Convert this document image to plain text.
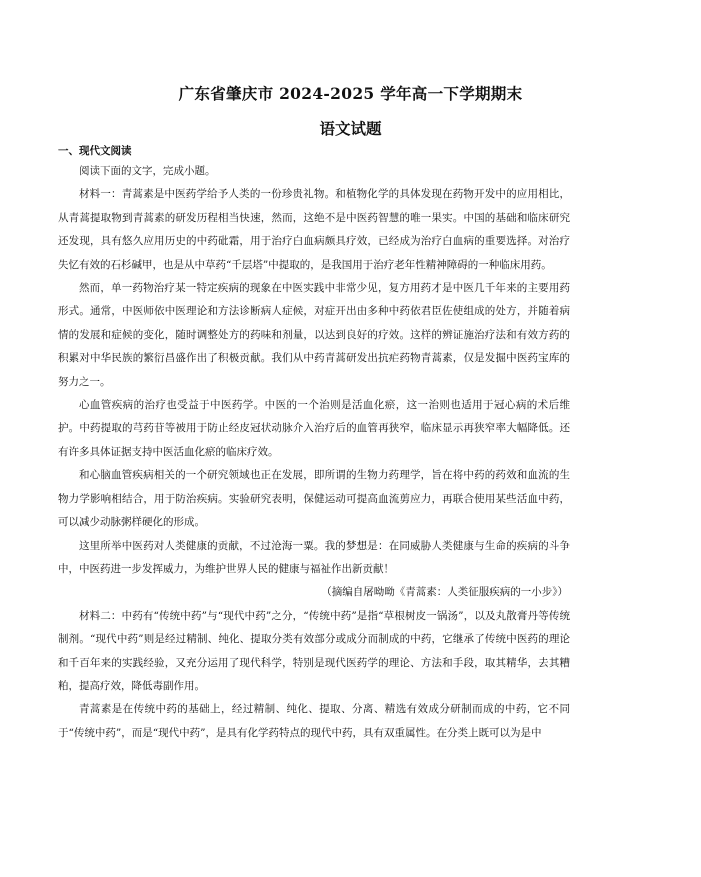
广东省肇庆市 2024-2025 学年高一下学期期末
语文试题
一、现代文阅读

阅读下面的文字，完成小题。

材料一：青蒿素是中医药学给予人类的一份珍贵礼物。和植物化学的具体发现在药物开发中的应用相比，从青蒿提取物到青蒿素的研发历程相当快速，然而，这绝不是中医药智慧的唯一果实。中国的基础和临床研究还发现，具有悠久应用历史的中药砒霜，用于治疗白血病颇具疗效，已经成为治疗白血病的重要选择。对治疗失忆有效的石杉碱甲，也是从中草药“千层塔”中提取的，是我国用于治疗老年性精神障碍的一种临床用药。

然而，单一药物治疗某一特定疾病的现象在中医实践中非常少见，复方用药才是中医几千年来的主要用药形式。通常，中医师依中医理论和方法诊断病人症候，对症开出由多种中药依君臣佐使组成的处方，并随着病情的发展和症候的变化，随时调整处方的药味和剂量，以达到良好的疗效。这样的辨证施治疗法和有效方药的积累对中华民族的繁衍昌盛作出了积极贡献。我们从中药青蒿研发出抗疟药物青蒿素，仅是发掘中医药宝库的努力之一。

心血管疾病的治疗也受益于中医药学。中医的一个治则是活血化瘀，这一治则也适用于冠心病的术后维护。中药提取的芎药苷等被用于防止经皮冠状动脉介入治疗后的血管再狭窄，临床显示再狭窄率大幅降低。还有许多具体证据支持中医活血化瘀的临床疗效。

和心脑血管疾病相关的一个研究领域也正在发展，即所谓的生物力药理学，旨在将中药的药效和血流的生物力学影响相结合，用于防治疾病。实验研究表明，保健运动可提高血流剪应力，再联合使用某些活血中药，可以减少动脉粥样硬化的形成。

这里所举中医药对人类健康的贡献，不过沧海一粟。我的梦想是：在同威胁人类健康与生命的疾病的斗争中，中医药进一步发挥威力，为维护世界人民的健康与福祉作出新贡献！

（摘编自屠呦呦《青蒿素：人类征服疾病的一小步》）

材料二：中药有“传统中药”与“现代中药”之分，“传统中药”是指“草根树皮一锅汤”，以及丸散膏丹等传统制剂。“现代中药”则是经过精制、纯化、提取分类有效部分或成分而制成的中药，它继承了传统中医药的理论和千百年来的实践经验，又充分运用了现代科学，特别是现代医药学的理论、方法和手段，取其精华，去其糟粕，提高疗效，降低毒副作用。

青蒿素是在传统中药的基础上，经过精制、纯化、提取、分离、精选有效成分研制而成的中药，它不同于“传统中药”，而是“现代中药”，是具有化学药特点的现代中药，具有双重属性。在分类上既可以为是中
